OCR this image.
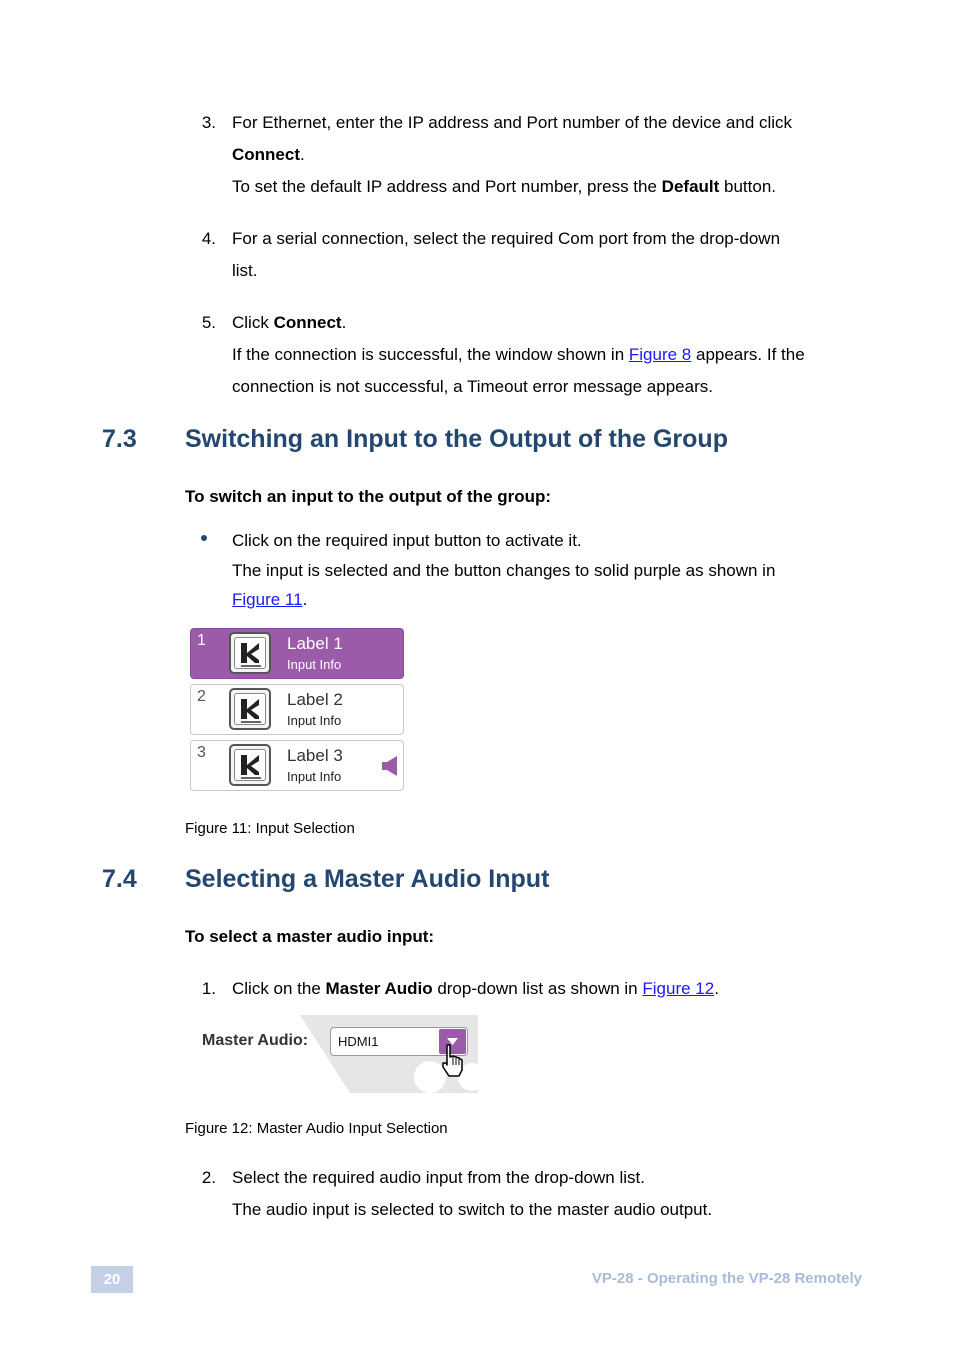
3. For Ethernet, enter the IP address and Port number of the device and click
Connect.
To set the default IP address and Port number, press the Default button.
4. For a serial connection, select the required Com port from the drop-down
list.
5. Click Connect.
If the connection is successful, the window shown in Figure 8 appears. If the
connection is not successful, a Timeout error message appears.
7.3 Switching an Input to the Output of the Group
To switch an input to the output of the group:
Click on the required input button to activate it.
The input is selected and the button changes to solid purple as shown in
Figure 11.
1	Label 1
Input Info
2	Label 2
Input Info
3	Label 3
Input Info
Figure 11: Input Selection
7.4 Selecting a Master Audio Input
To select a master audio input:
1. Click on the Master Audio drop-down list as shown in Figure 12.
Master Audio: HDMI1
Figure 12: Master Audio Input Selection
2. Select the required audio input from the drop-down list.
The audio input is selected to switch to the master audio output.
20	VP-28 - Operating the VP-28 Remotely
